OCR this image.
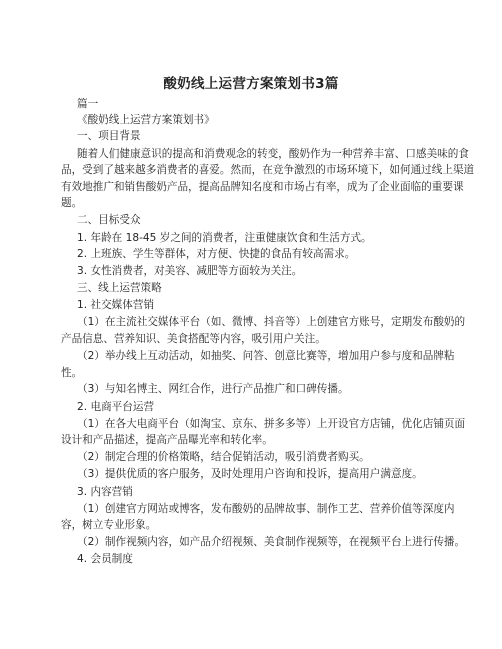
酸奶线上运营方案策划书3篇
篇一
《酸奶线上运营方案策划书》
一、项目背景
随着人们健康意识的提高和消费观念的转变，酸奶作为一种营养丰富、口感美味的食
品，受到了越来越多消费者的喜爱。然而，在竞争激烈的市场环境下，如何通过线上渠道
有效地推广和销售酸奶产品，提高品牌知名度和市场占有率，成为了企业面临的重要课
题。
二、目标受众
1. 年龄在 18-45 岁之间的消费者，注重健康饮食和生活方式。
2. 上班族、学生等群体，对方便、快捷的食品有较高需求。
3. 女性消费者，对美容、减肥等方面较为关注。
三、线上运营策略
1. 社交媒体营销
（1）在主流社交媒体平台（如、微博、抖音等）上创建官方账号，定期发布酸奶的
产品信息、营养知识、美食搭配等内容，吸引用户关注。
（2）举办线上互动活动，如抽奖、问答、创意比赛等，增加用户参与度和品牌粘
性。
（3）与知名博主、网红合作，进行产品推广和口碑传播。
2. 电商平台运营
（1）在各大电商平台（如淘宝、京东、拼多多等）上开设官方店铺，优化店铺页面
设计和产品描述，提高产品曝光率和转化率。
（2）制定合理的价格策略，结合促销活动，吸引消费者购买。
（3）提供优质的客户服务，及时处理用户咨询和投诉，提高用户满意度。
3. 内容营销
（1）创建官方网站或博客，发布酸奶的品牌故事、制作工艺、营养价值等深度内
容，树立专业形象。
（2）制作视频内容，如产品介绍视频、美食制作视频等，在视频平台上进行传播。
4. 会员制度
